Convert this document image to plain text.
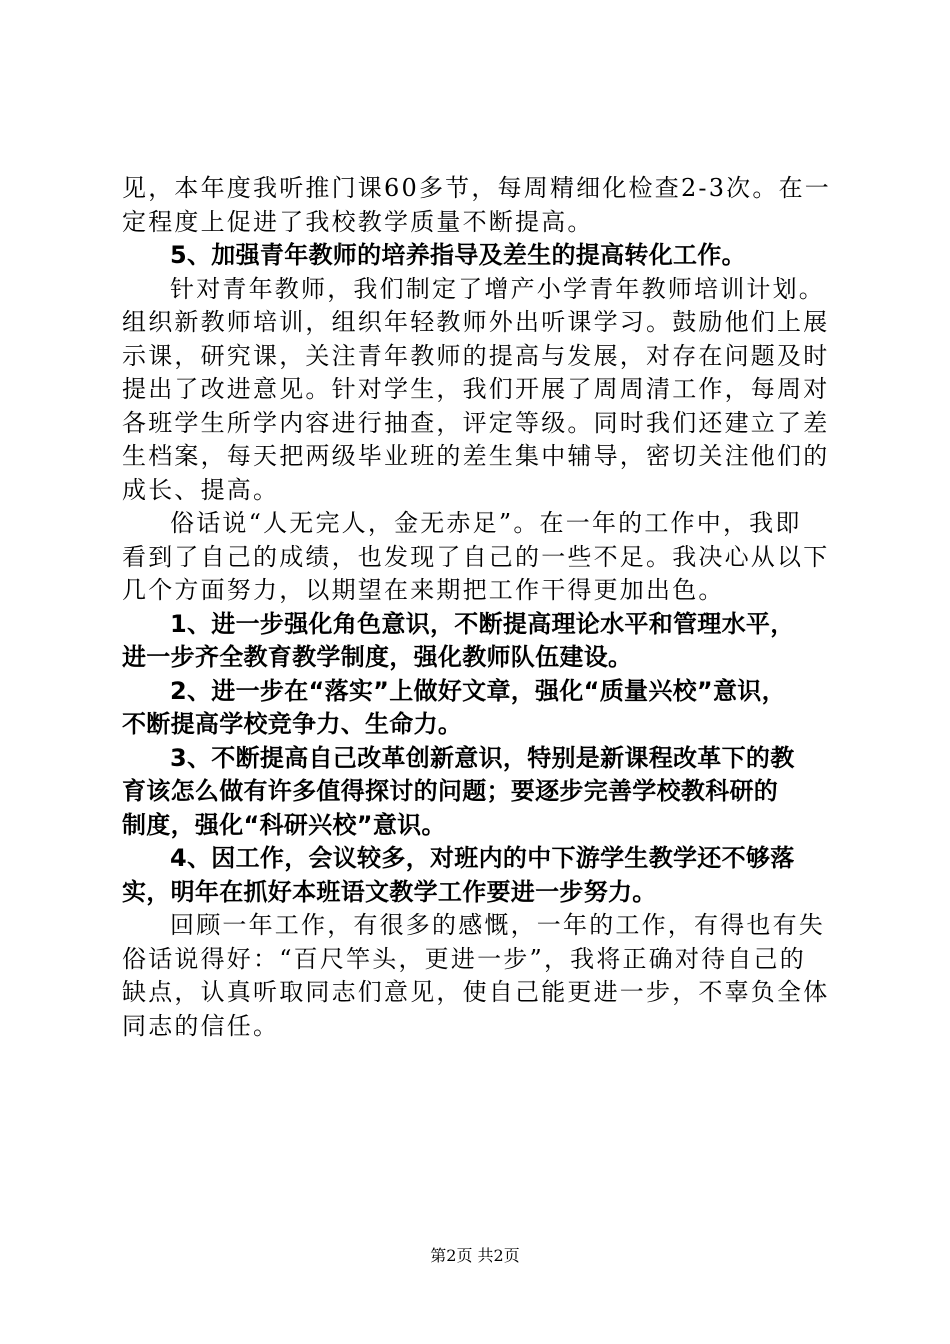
见，本年度我听推门课60多节，每周精细化检查2-3次。在一
定程度上促进了我校教学质量不断提高。
5、加强青年教师的培养指导及差生的提高转化工作。
针对青年教师，我们制定了增产小学青年教师培训计划。
组织新教师培训，组织年轻教师外出听课学习。鼓励他们上展
示课，研究课，关注青年教师的提高与发展，对存在问题及时
提出了改进意见。针对学生，我们开展了周周清工作，每周对
各班学生所学内容进行抽查，评定等级。同时我们还建立了差
生档案，每天把两级毕业班的差生集中辅导，密切关注他们的
成长、提高。
俗话说“人无完人，金无赤足”。在一年的工作中，我即
看到了自己的成绩，也发现了自己的一些不足。我决心从以下
几个方面努力，以期望在来期把工作干得更加出色。
1、进一步强化角色意识，不断提高理论水平和管理水平，
进一步齐全教育教学制度，强化教师队伍建设。
2、进一步在“落实”上做好文章，强化“质量兴校”意识，
不断提高学校竞争力、生命力。
3、不断提高自己改革创新意识，特别是新课程改革下的教
育该怎么做有许多值得探讨的问题；要逐步完善学校教科研的
制度，强化“科研兴校”意识。
4、因工作，会议较多，对班内的中下游学生教学还不够落
实，明年在抓好本班语文教学工作要进一步努力。
回顾一年工作，有很多的感慨，一年的工作，有得也有失
俗话说得好：“百尺竿头，更进一步”，我将正确对待自己的
缺点，认真听取同志们意见，使自己能更进一步，不辜负全体
同志的信任。
第2页 共2页
